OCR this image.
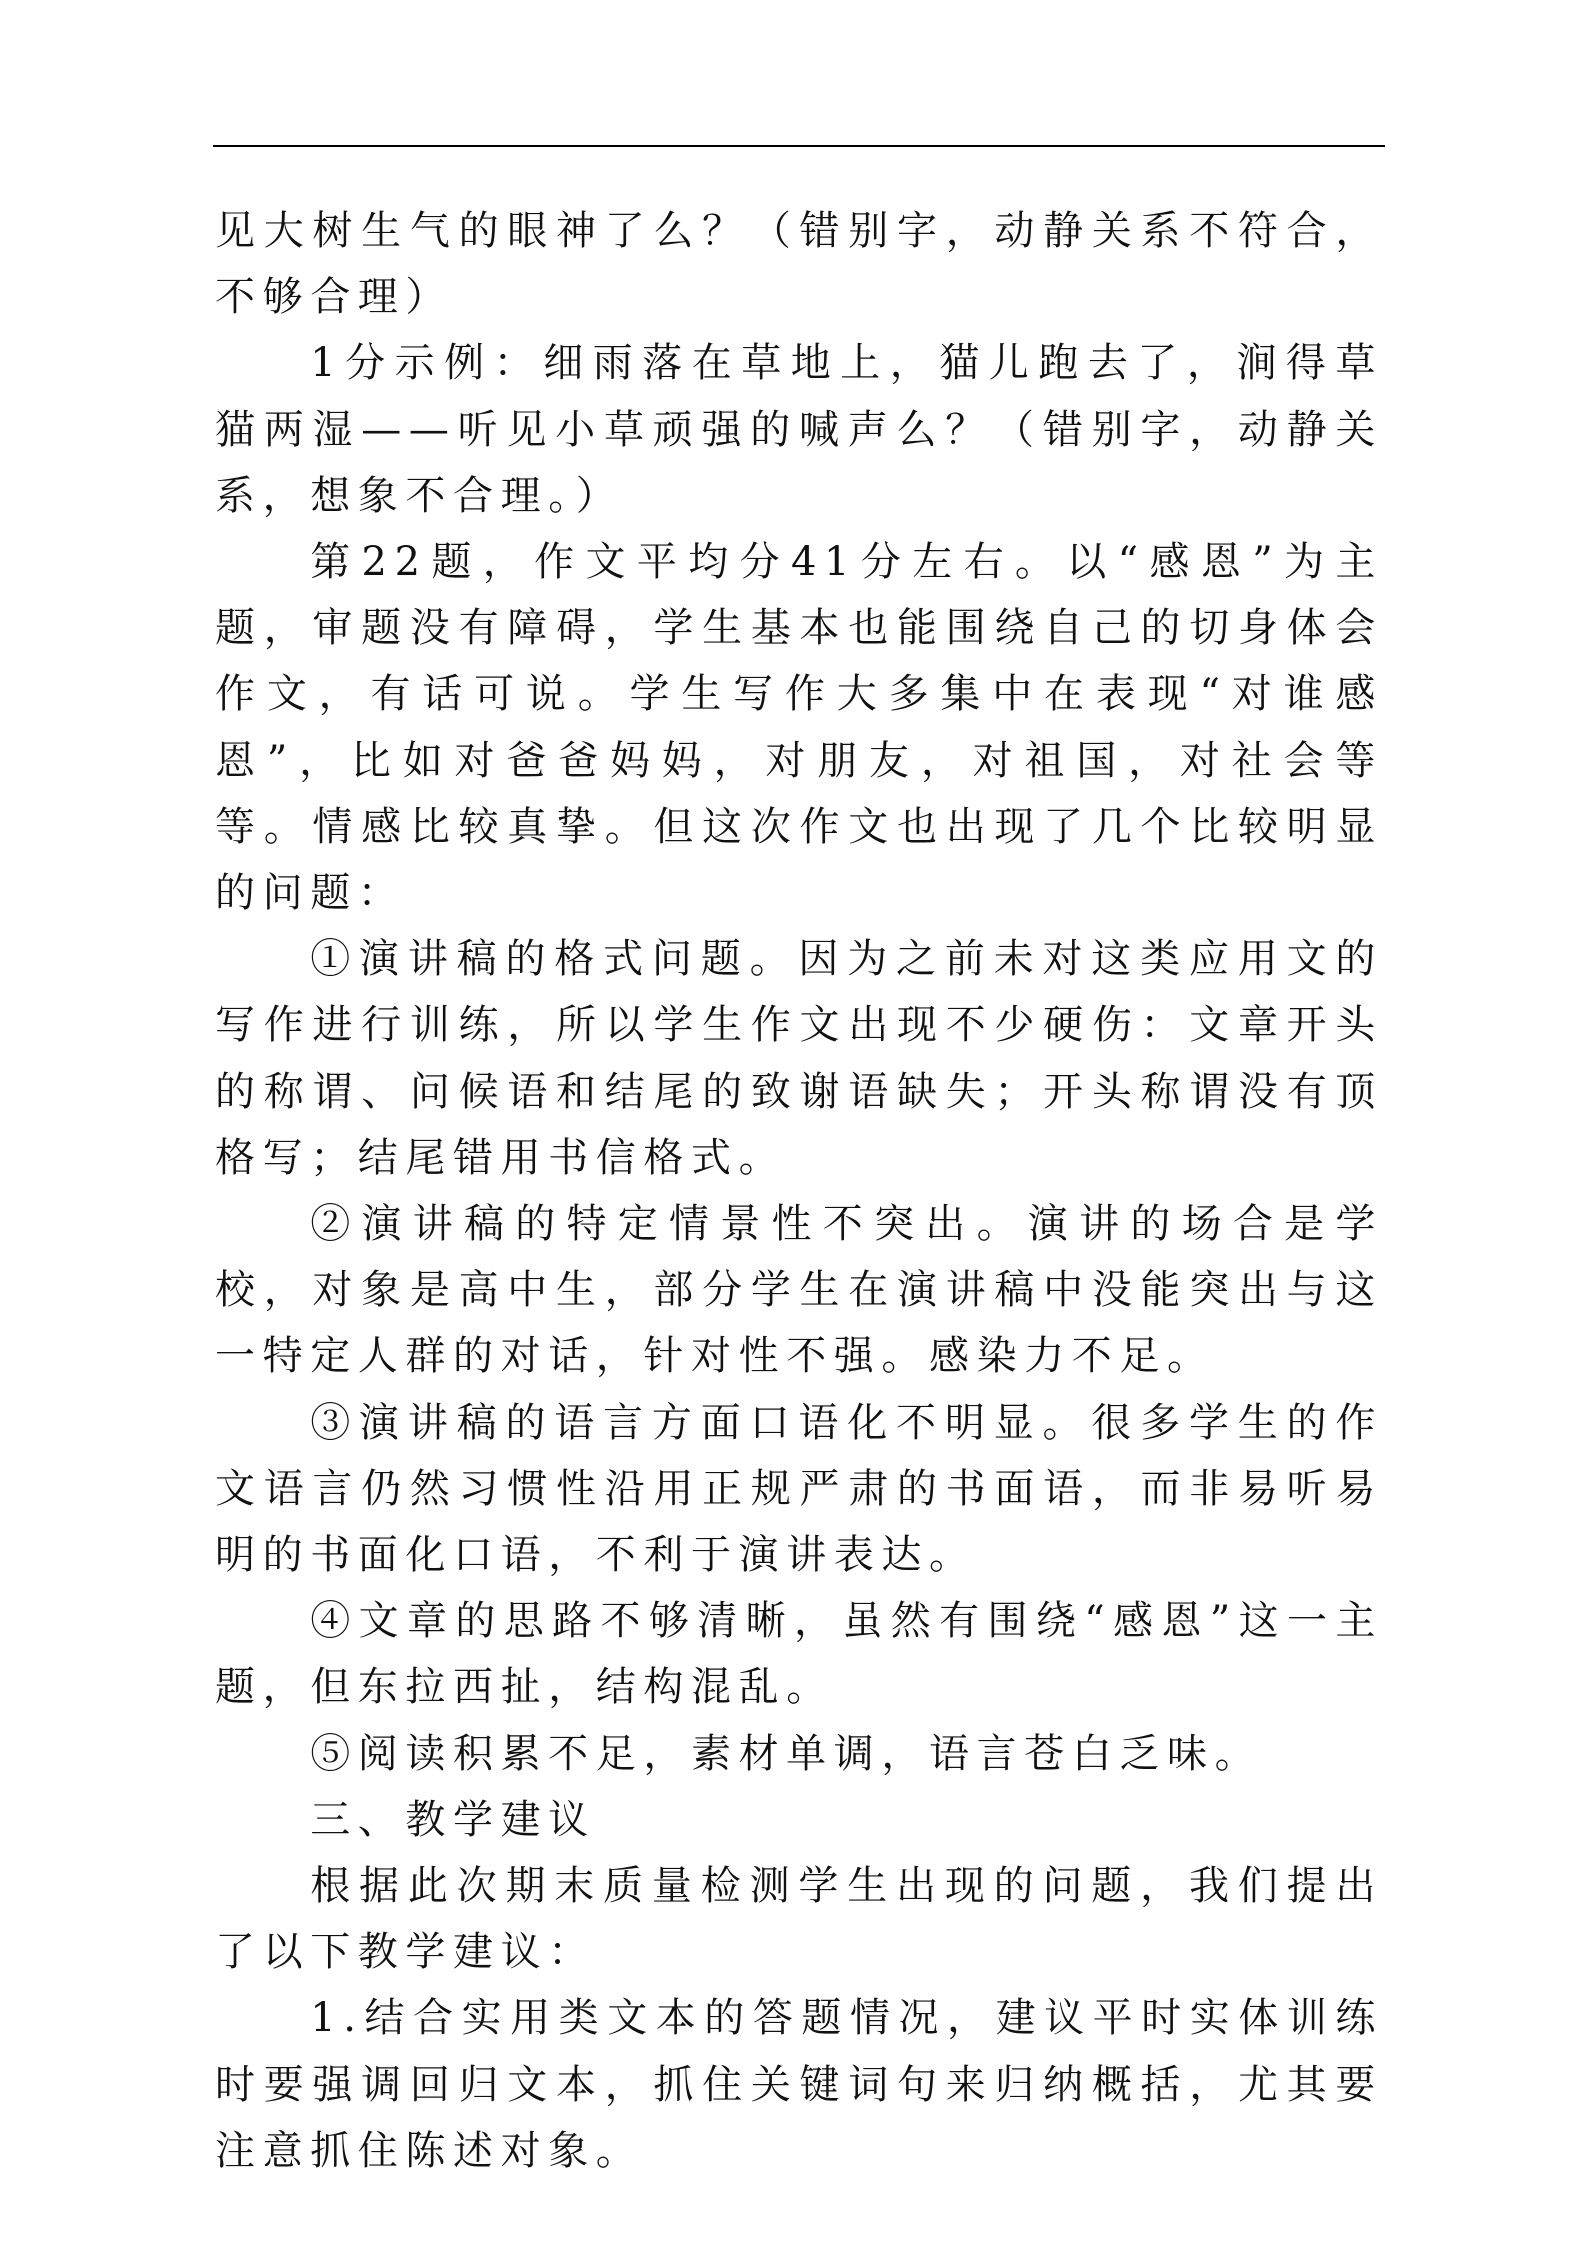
见大树生气的眼神了么？（错别字，动静关系不符合，不够合理）

1分示例：细雨落在草地上，猫儿跑去了，涧得草猫两湿——听见小草顽强的喊声么？（错别字，动静关系，想象不合理。）

第22题，作文平均分41分左右。以“感恩”为主题，审题没有障碍，学生基本也能围绕自己的切身体会作文，有话可说。学生写作大多集中在表现“对谁感恩”，比如对爸爸妈妈，对朋友，对祖国，对社会等等。情感比较真挚。但这次作文也出现了几个比较明显的问题：

①演讲稿的格式问题。因为之前未对这类应用文的写作进行训练，所以学生作文出现不少硬伤：文章开头的称谓、问候语和结尾的致谢语缺失；开头称谓没有顶格写；结尾错用书信格式。

②演讲稿的特定情景性不突出。演讲的场合是学校，对象是高中生，部分学生在演讲稿中没能突出与这一特定人群的对话，针对性不强。感染力不足。

③演讲稿的语言方面口语化不明显。很多学生的作文语言仍然习惯性沿用正规严肃的书面语，而非易听易明的书面化口语，不利于演讲表达。

④文章的思路不够清晰，虽然有围绕“感恩”这一主题，但东拉西扯，结构混乱。

⑤阅读积累不足，素材单调，语言苍白乏味。

三、教学建议

根据此次期末质量检测学生出现的问题，我们提出了以下教学建议：

1.结合实用类文本的答题情况，建议平时实体训练时要强调回归文本，抓住关键词句来归纳概括，尤其要注意抓住陈述对象。
